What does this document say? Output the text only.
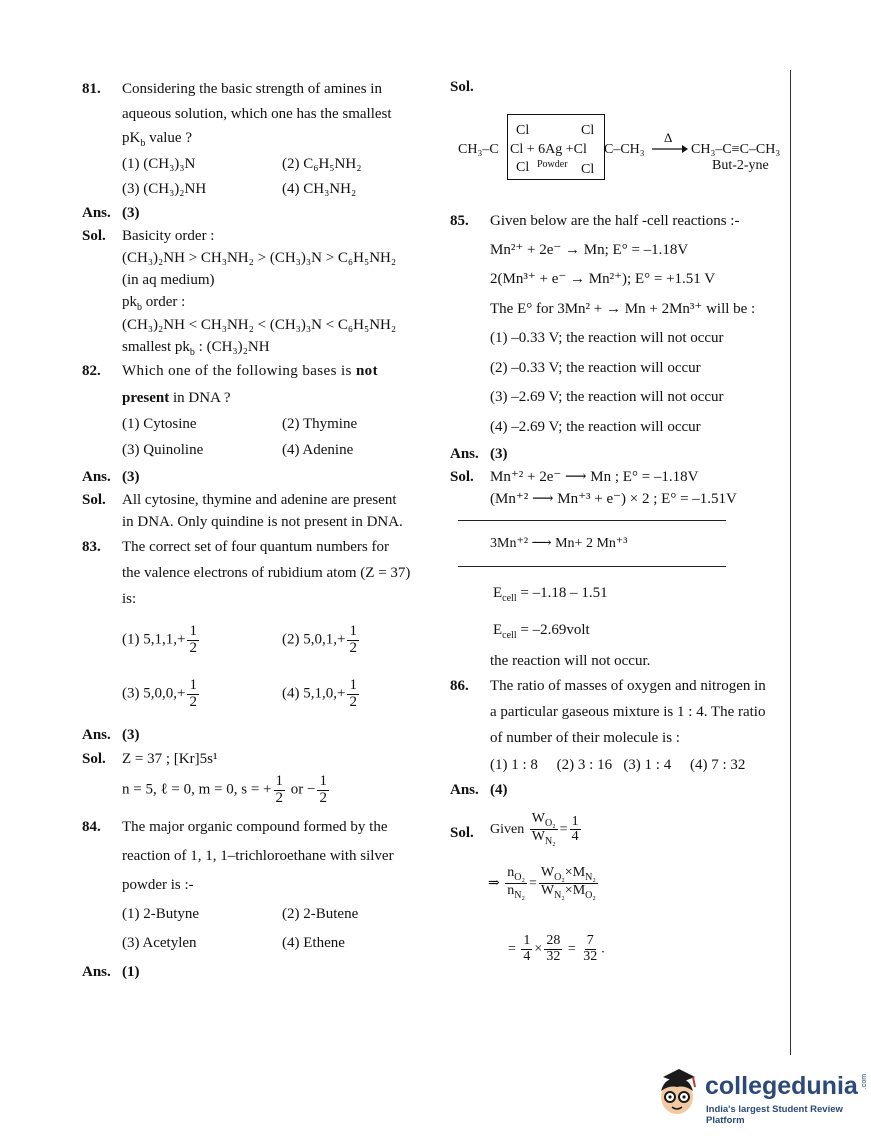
81. Considering the basic strength of amines in
aqueous solution, which one has the smallest
$pK_b$ value ?
(1) (CH₃)₃N	(2) C₆H₅NH₂
(3) (CH₃)₂NH	(4) CH₃NH₂
Ans. (3)
Sol. Basicity order :
(CH₃)₂NH > CH₃NH₂ > (CH₃)₃N > C₆H₅NH₂
(in aq medium)
$pk_b$ order :
(CH₃)₂NH < CH₃NH₂ < (CH₃)₃N < C₆H₅NH₂
smallest $pk_b$ : (CH₃)₂NH
82. Which one of the following bases is not
present in DNA ?
(1) Cytosine	(2) Thymine
(3) Quinoline	(4) Adenine
Ans. (3)
Sol. All cytosine, thymine and adenine are present
in DNA. Only quindine is not present in DNA.
83. The correct set of four quantum numbers for
the valence electrons of rubidium atom (Z = 37)
is:
(1) $5,1,1,+ \frac{1}{2}$	(2) $5,0,1,+ \frac{1}{2}$
(3) $5,0,0,+ \frac{1}{2}$	(4) $5,1,0,+ \frac{1}{2}$
Ans. (3)
Sol. Z = 37 ; [Kr]5s¹
n = 5, ℓ = 0, m = 0, s = + $\frac{1}{2}$ or − $\frac{1}{2}$
84. The major organic compound formed by the
reaction of 1, 1, 1–trichloroethane with silver
powder is :-
(1) 2-Butyne	(2) 2-Butene
(3) Acetylen	(4) Ethene
Ans. (1)
Sol.
CH₃–C
Cl
Cl + 6Ag +Cl
Cl Powder
Cl
Cl
C–CH₃
Δ
CH₃–C≡C–CH₃
But-2-yne
85. Given below are the half -cell reactions :-
Mn²⁺ + 2e⁻ → Mn; E° = –1.18V
2(Mn³⁺ + e⁻ → Mn²⁺); E° = +1.51 V
The E° for 3Mn² + → Mn + 2Mn³⁺ will be :
(1) –0.33 V; the reaction will not occur
(2) –0.33 V; the reaction will occur
(3) –2.69 V; the reaction will not occur
(4) –2.69 V; the reaction will occur
Ans. (3)
Sol. Mn⁺² + 2e⁻ ⟶ Mn ; E° = –1.18V
(Mn⁺² ⟶ Mn⁺³ + e⁻) × 2 ; E° = –1.51V
3Mn⁺² ⟶ Mn+ 2 Mn⁺³
$E_{cell} = -1.18 - 1.51$
$E_{cell}$ = –2.69volt
the reaction will not occur.
86. The ratio of masses of oxygen and nitrogen in
a particular gaseous mixture is 1 : 4. The ratio
of number of their molecule is :
(1) 1 : 8     (2) 3 : 16   (3) 1 : 4     (4) 7 : 32
Ans. (4)
Sol. Given $\frac{W_{O_2}}{W_{N_2}} = \frac{1}{4}$
⇒ $\frac{n_{O_2}}{n_{N_2}} = \frac{W_{O_2}\times M_{N_2}}{W_{N_2}\times M_{O_2}}$
= $\frac{1}{4} \times \frac{28}{32} = \frac{7}{32}$ .
collegedunia
India's largest Student Review Platform
.com
